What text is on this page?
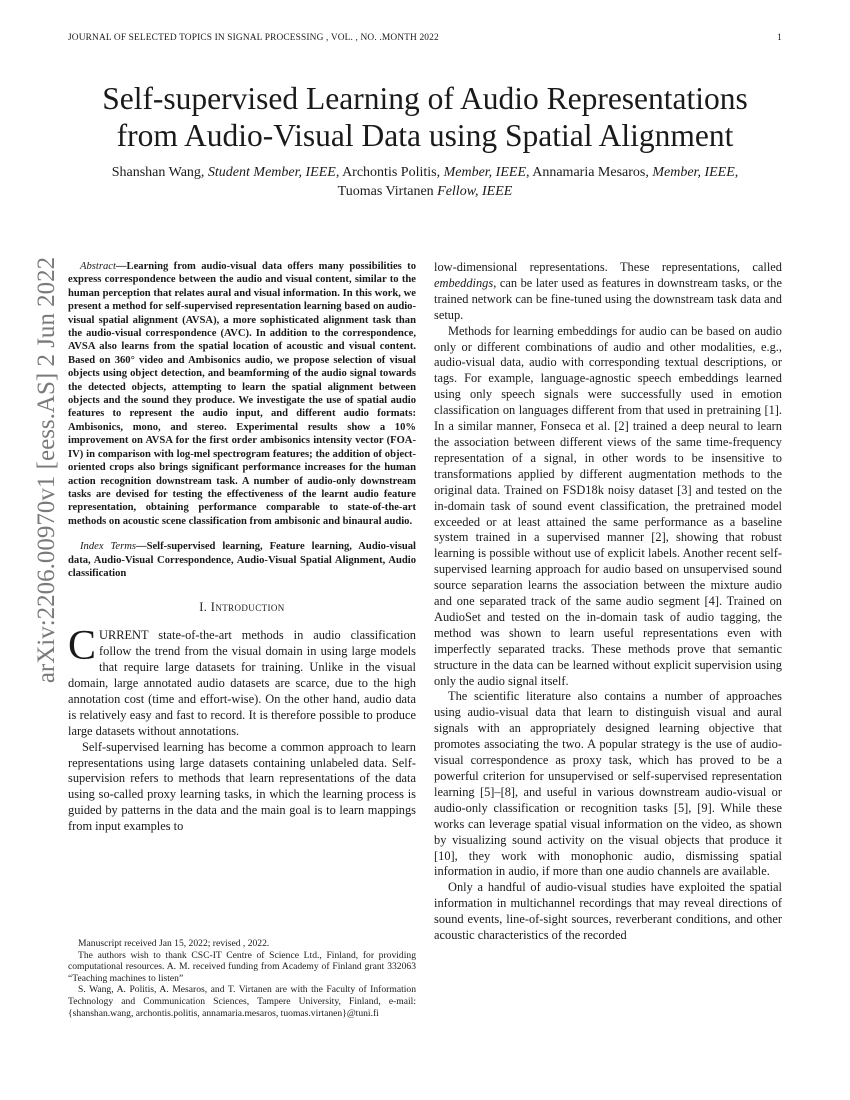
JOURNAL OF SELECTED TOPICS IN SIGNAL PROCESSING , VOL. , NO. .MONTH 2022	1
arXiv:2206.00970v1 [eess.AS] 2 Jun 2022
Self-supervised Learning of Audio Representations
from Audio-Visual Data using Spatial Alignment
Shanshan Wang, Student Member, IEEE, Archontis Politis, Member, IEEE, Annamaria Mesaros, Member, IEEE,
Tuomas Virtanen Fellow, IEEE
Abstract—Learning from audio-visual data offers many possibilities to express correspondence between the audio and visual content, similar to the human perception that relates aural and visual information. In this work, we present a method for self-supervised representation learning based on audio-visual spatial alignment (AVSA), a more sophisticated alignment task than the audio-visual correspondence (AVC). In addition to the correspondence, AVSA also learns from the spatial location of acoustic and visual content. Based on 360° video and Ambisonics audio, we propose selection of visual objects using object detection, and beamforming of the audio signal towards the detected objects, attempting to learn the spatial alignment between objects and the sound they produce. We investigate the use of spatial audio features to represent the audio input, and different audio formats: Ambisonics, mono, and stereo. Experimental results show a 10% improvement on AVSA for the first order ambisonics intensity vector (FOA-IV) in comparison with log-mel spectrogram features; the addition of object-oriented crops also brings significant performance increases for the human action recognition downstream task. A number of audio-only downstream tasks are devised for testing the effectiveness of the learnt audio feature representation, obtaining performance comparable to state-of-the-art methods on acoustic scene classification from ambisonic and binaural audio.
Index Terms—Self-supervised learning, Feature learning, Audio-visual data, Audio-Visual Correspondence, Audio-Visual Spatial Alignment, Audio classification
I. Introduction

CURRENT state-of-the-art methods in audio classification follow the trend from the visual domain in using large models that require large datasets for training. Unlike in the visual domain, large annotated audio datasets are scarce, due to the high annotation cost (time and effort-wise). On the other hand, audio data is relatively easy and fast to record. It is therefore possible to produce large datasets without annotations.

Self-supervised learning has become a common approach to learn representations using large datasets containing unlabeled data. Self-supervision refers to methods that learn representations of the data using so-called proxy learning tasks, in which the learning process is guided by patterns in the data and the main goal is to learn mappings from input examples to

Manuscript received Jan 15, 2022; revised , 2022.

The authors wish to thank CSC-IT Centre of Science Ltd., Finland, for providing computational resources. A. M. received funding from Academy of Finland grant 332063 “Teaching machines to listen”

S. Wang, A. Politis, A. Mesaros, and T. Virtanen are with the Faculty of Information Technology and Communication Sciences, Tampere University, Finland, e-mail: {shanshan.wang, archontis.politis, annamaria.mesaros, tuomas.virtanen}@tuni.fi

low-dimensional representations. These representations, called embeddings, can be later used as features in downstream tasks, or the trained network can be fine-tuned using the downstream task data and setup.

Methods for learning embeddings for audio can be based on audio only or different combinations of audio and other modalities, e.g., audio-visual data, audio with corresponding textual descriptions, or tags. For example, language-agnostic speech embeddings learned using only speech signals were successfully used in emotion classification on languages different from that used in pretraining [1]. In a similar manner, Fonseca et al. [2] trained a deep neural to learn the association between different views of the same time-frequency representation of a signal, in other words to be insensitive to transformations applied by different augmentation methods to the original data. Trained on FSD18k noisy dataset [3] and tested on the in-domain task of sound event classification, the pretrained model exceeded or at least attained the same performance as a baseline system trained in a supervised manner [2], showing that robust learning is possible without use of explicit labels. Another recent self-supervised learning approach for audio based on unsupervised sound source separation learns the association between the mixture audio and one separated track of the same audio segment [4]. Trained on AudioSet and tested on the in-domain task of audio tagging, the method was shown to learn useful representations even with imperfectly separated tracks. These methods prove that semantic structure in the data can be learned without explicit supervision using only the audio signal itself.

The scientific literature also contains a number of approaches using audio-visual data that learn to distinguish visual and aural signals with an appropriately designed learning objective that promotes associating the two. A popular strategy is the use of audio-visual correspondence as proxy task, which has proved to be a powerful criterion for unsupervised or self-supervised representation learning [5]–[8], and useful in various downstream audio-visual or audio-only classification or recognition tasks [5], [9]. While these works can leverage spatial visual information on the video, as shown by visualizing sound activity on the visual objects that produce it [10], they work with monophonic audio, dismissing spatial information in audio, if more than one audio channels are available.

Only a handful of audio-visual studies have exploited the spatial information in multichannel recordings that may reveal directions of sound events, line-of-sight sources, reverberant conditions, and other acoustic characteristics of the recorded
